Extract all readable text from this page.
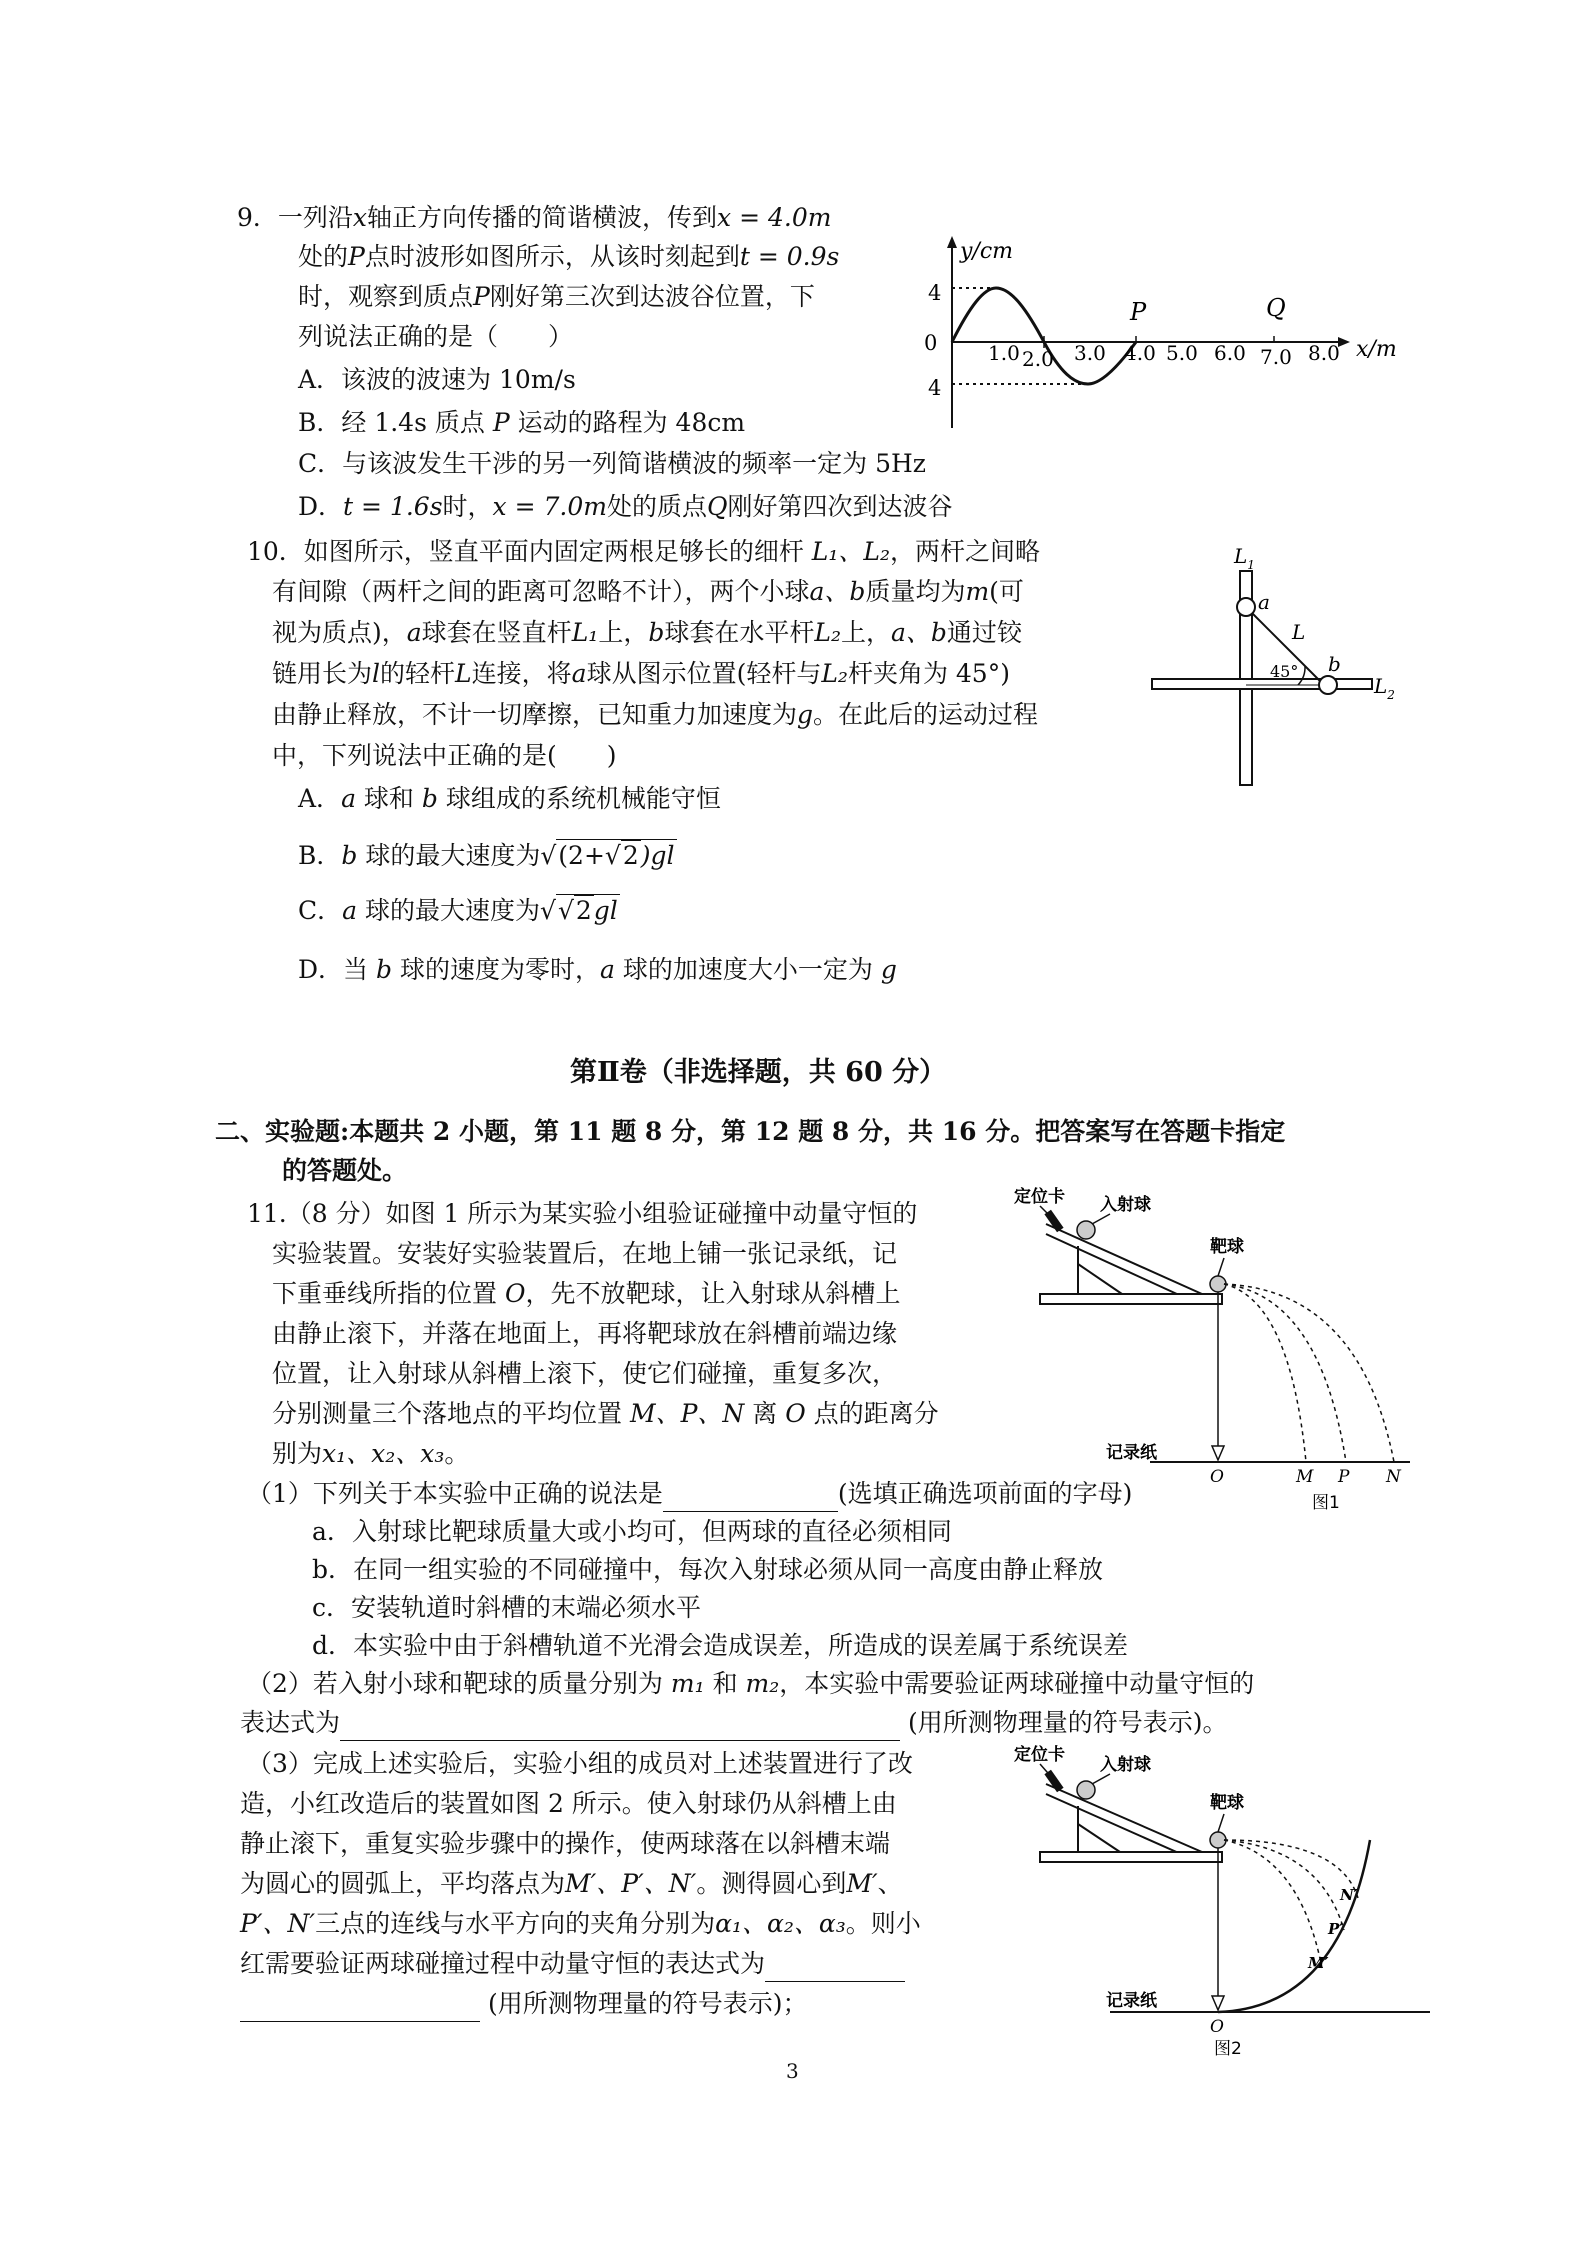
9．一列沿x轴正方向传播的简谐横波，传到x = 4.0m
处的P点时波形如图所示，从该时刻起到t = 0.9s
时，观察到质点P刚好第三次到达波谷位置，下
列说法正确的是（　　）
A．该波的波速为 10m/s
B．经 1.4s 质点 P 运动的路程为 48cm
C．与该波发生干涉的另一列简谐横波的频率一定为 5Hz
D．t = 1.6s时，x = 7.0m处的质点Q刚好第四次到达波谷
y/cm
x/m
0
4
4
P	Q
1.0 2.0 3.0 4.0 5.0 6.0 7.0 8.0
10．如图所示，竖直平面内固定两根足够长的细杆 L₁、L₂，两杆之间略
有间隙（两杆之间的距离可忽略不计），两个小球a、b质量均为m(可
视为质点)，a球套在竖直杆L₁上，b球套在水平杆L₂上，a、b通过铰
链用长为l的轻杆L连接，将a球从图示位置(轻杆与L₂杆夹角为 45°)
由静止释放，不计一切摩擦，已知重力加速度为g。在此后的运动过程
中，下列说法中正确的是(　　)
A．a 球和 b 球组成的系统机械能守恒
B．b 球的最大速度为√(2+√2)gl
C．a 球的最大速度为√√2gl
D．当 b 球的速度为零时，a 球的加速度大小一定为 g
$L_1$
a
L
45° b
$L_2$
第Ⅱ卷（非选择题，共 60 分）
二、实验题:本题共 2 小题，第 11 题 8 分，第 12 题 8 分，共 16 分。把答案写在答题卡指定
的答题处。
11.（8 分）如图 1 所示为某实验小组验证碰撞中动量守恒的
实验装置。安装好实验装置后，在地上铺一张记录纸，记
下重垂线所指的位置 O，先不放靶球，让入射球从斜槽上
由静止滚下，并落在地面上，再将靶球放在斜槽前端边缘
位置，让入射球从斜槽上滚下，使它们碰撞，重复多次，
分别测量三个落地点的平均位置 M、P、N 离 O 点的距离分
别为x₁、x₂、x₃。
（1）下列关于本实验中正确的说法是	(选填正确选项前面的字母)
a．入射球比靶球质量大或小均可，但两球的直径必须相同
b．在同一组实验的不同碰撞中，每次入射球必须从同一高度由静止释放
c．安装轨道时斜槽的末端必须水平
d．本实验中由于斜槽轨道不光滑会造成误差，所造成的误差属于系统误差
（2）若入射小球和靶球的质量分别为 m₁ 和 m₂，本实验中需要验证两球碰撞中动量守恒的
表达式为	(用所测物理量的符号表示)。
（3）完成上述实验后，实验小组的成员对上述装置进行了改
造，小红改造后的装置如图 2 所示。使入射球仍从斜槽上由
静止滚下，重复实验步骤中的操作，使两球落在以斜槽末端
为圆心的圆弧上，平均落点为M′、P′、N′。测得圆心到M′、
P′、N′三点的连线与水平方向的夹角分别为α₁、α₂、α₃。则小
红需要验证两球碰撞过程中动量守恒的表达式为
(用所测物理量的符号表示)；
定位卡 入射球
靶球
记录纸
O	M P N
图1
定位卡 入射球
靶球
记录纸
O
N′
P′
M′
图2
3
